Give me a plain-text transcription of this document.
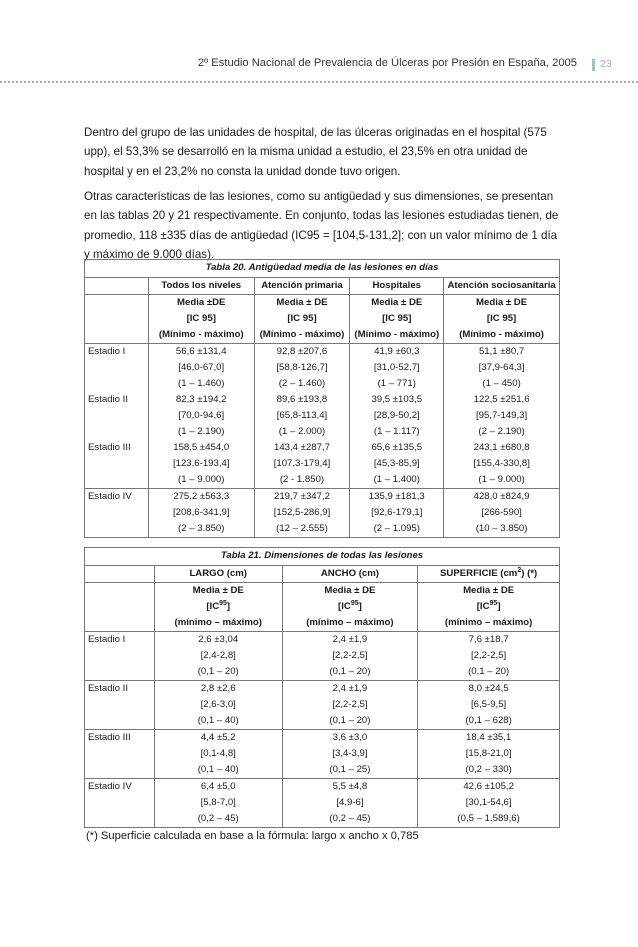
2º Estudio Nacional de Prevalencia de Úlceras por Presión en España, 2005 23

Dentro del grupo de las unidades de hospital, de las úlceras originadas en el hospital (575 upp), el 53,3% se desarrolló en la misma unidad a estudio, el 23,5% en otra unidad de hospital y en el 23,2% no consta la unidad donde tuvo origen.

Otras características de las lesiones, como su antigüedad y sus dimensiones, se presentan en las tablas 20 y 21 respectivamente. En conjunto, todas las lesiones estudiadas tienen, de promedio, 118 ±335 días de antigüedad (IC95 = [104,5-131,2]; con un valor mínimo de 1 día y máximo de 9.000 días).

Tabla 20. Antigüedad media de las lesiones en días				
	Todos los niveles	Atención primaria	Hospitales	Atención sociosanitaria
	Media ±DE	Media ± DE	Media ± DE	Media ± DE
	[IC 95]	[IC 95]	[IC 95]	[IC 95]
	(Mínimo - máximo)	(Mínimo - máximo)	(Mínimo - máximo)	(Mínimo - máximo)
Estadio I	56,6 ±131,4	92,8 ±207,6	41,9 ±60,3	51,1 ±80,7
	[46,0-67,0]	[58,8-126,7]	[31,0-52,7]	[37,9-64,3]
	(1 – 1.460)	(2 – 1.460)	(1 – 771)	(1 – 450)
Estadio II	82,3 ±194,2	89,6 ±193,8	39,5 ±103,5	122,5 ±251,6
	[70,0-94,6]	[65,8-113,4]	[28,9-50,2]	[95,7-149,3]
	(1 – 2.190)	(1 – 2.000)	(1 – 1.117)	(2 – 2.190)
Estadio III	158,5 ±454,0	143,4 ±287,7	65,6 ±135,5	243,1 ±680,8
	[123,6-193,4]	[107,3-179,4]	[45,3-85,9]	[155,4-330,8]
	(1 – 9.000)	(2 - 1.850)	(1 – 1.400)	(1 – 9.000)
Estadio IV	275,2 ±563,3	219,7 ±347,2	135,9 ±181,3	428,0 ±824,9
	[208,6-341,9]	[152,5-286,9]	[92,6-179,1]	[266-590]
	(2 – 3.850)	(12 – 2.555)	(2 – 1.095)	(10 – 3.850)
Tabla 21. Dimensiones de todas las lesiones			
	LARGO (cm)	ANCHO (cm)	SUPERFICIE $(cm^2)$ (*)
	Media ± DE	Media ± DE	Media ± DE
	[IC$^{95}$]	[IC$^{95}$]	[IC$^{95}$]
	(mínimo – máximo)	(mínimo – máximo)	(mínimo – máximo)
Estadio I	2,6 ±3,04	2,4 ±1,9	7,6 ±18,7
	[2,4-2,8]	[2,2-2,5]	[2,2-2,5]
	(0,1 – 20)	(0,1 – 20)	(0,1 – 20)
Estadio II	2,8 ±2,6	2,4 ±1,9	8,0 ±24,5
	[2,6-3,0]	[2,2-2,5]	[6,5-9,5]
	(0,1 – 40)	(0,1 – 20)	(0,1 – 628)
Estadio III	4,4 ±5,2	3,6 ±3,0	18,4 ±35,1
	[0,1-4,8]	[3,4-3,9]	[15,8-21,0]
	(0,1 – 40)	(0,1 – 25)	(0,2 – 330)
Estadio IV	6,4 ±5,0	5,5 ±4,8	42,6 ±105,2
	[5,8-7,0]	[4,9-6]	[30,1-54,6]
	(0,2 – 45)	(0,2 – 45)	(0,5 – 1.589,6)

(*) Superficie calculada en base a la fórmula: largo x ancho x 0,785
